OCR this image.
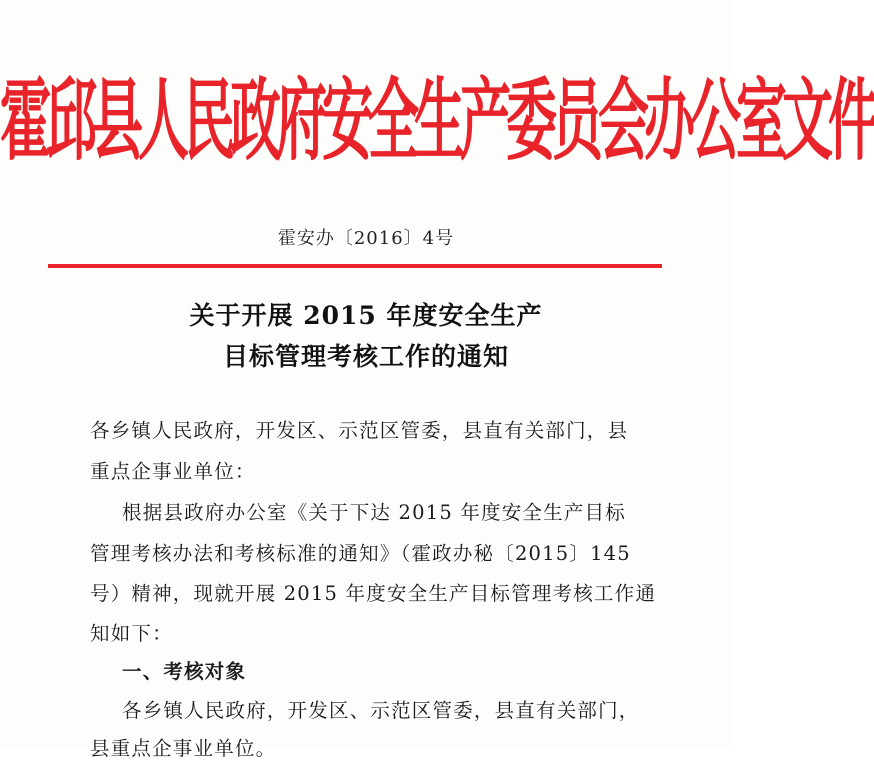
霍邱县人民政府安全生产委员会办公室文件
霍安办〔2016〕4号
关于开展 2015 年度安全生产
目标管理考核工作的通知
各乡镇人民政府，开发区、示范区管委，县直有关部门，县
重点企事业单位：
根据县政府办公室《关于下达 2015 年度安全生产目标
管理考核办法和考核标准的通知》（霍政办秘〔2015〕145
号）精神，现就开展 2015 年度安全生产目标管理考核工作通
知如下：
一、考核对象
各乡镇人民政府，开发区、示范区管委，县直有关部门，
县重点企事业单位。
